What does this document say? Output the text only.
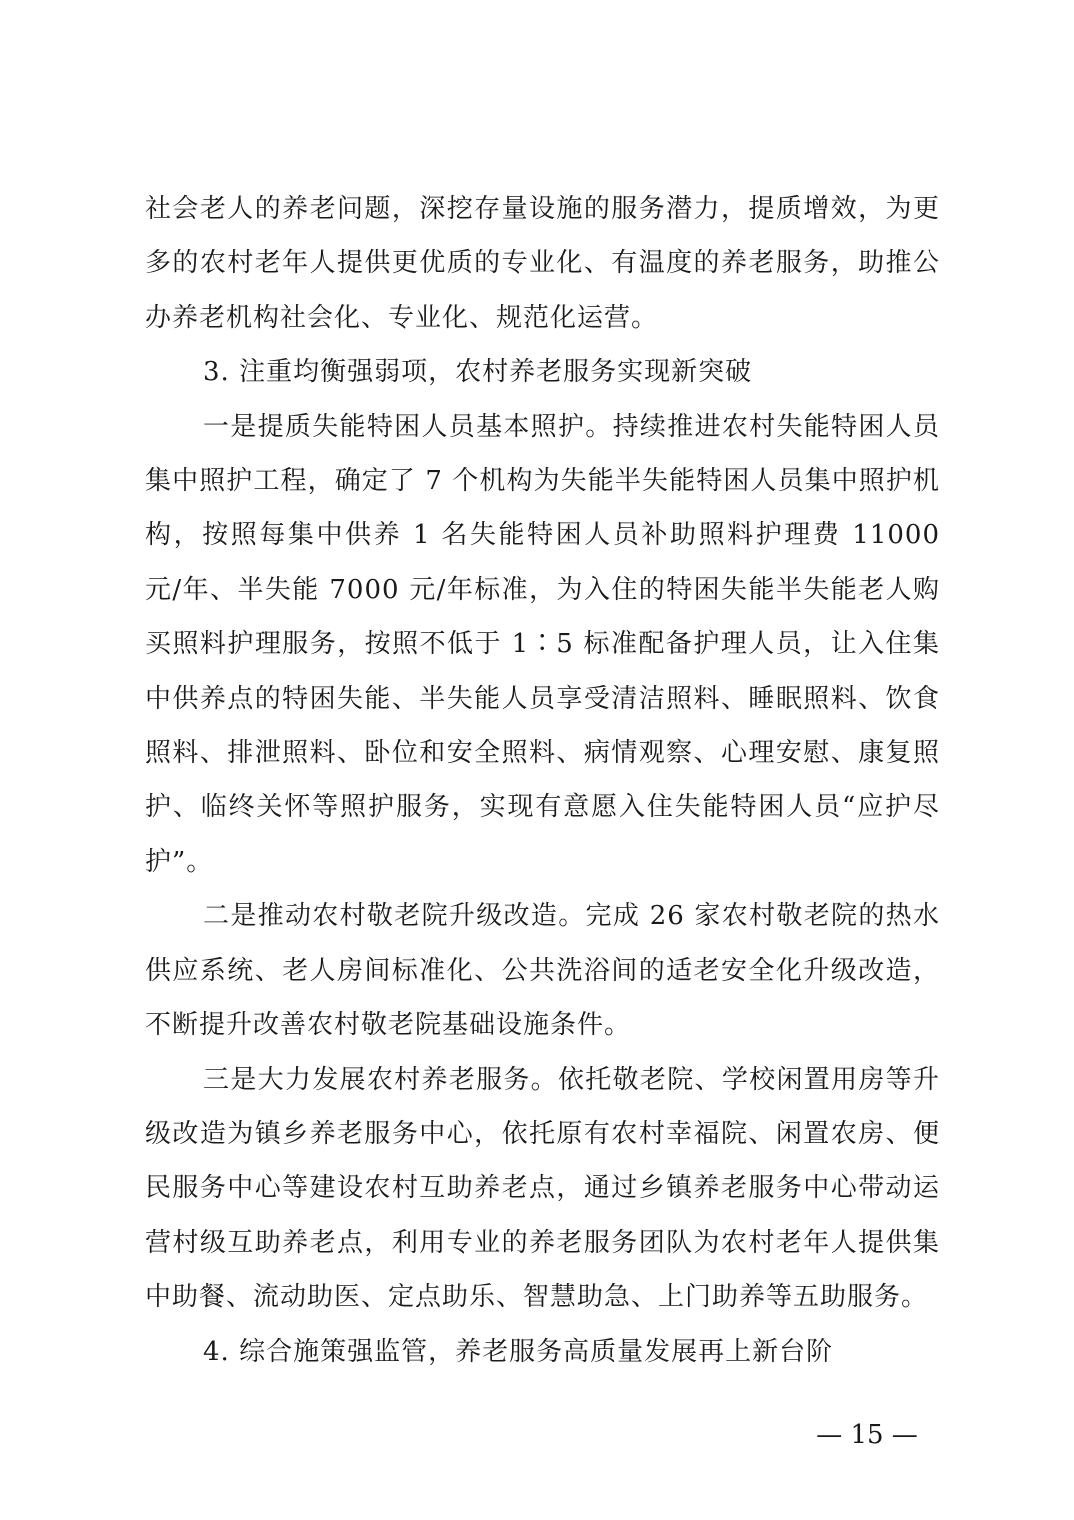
社会老人的养老问题，深挖存量设施的服务潜力，提质增效，为更多的农村老年人提供更优质的专业化、有温度的养老服务，助推公办养老机构社会化、专业化、规范化运营。

3. 注重均衡强弱项，农村养老服务实现新突破

一是提质失能特困人员基本照护。持续推进农村失能特困人员集中照护工程，确定了 7 个机构为失能半失能特困人员集中照护机构，按照每集中供养 1 名失能特困人员补助照料护理费 11000 元/年、半失能 7000 元/年标准，为入住的特困失能半失能老人购买照料护理服务，按照不低于 1∶5 标准配备护理人员，让入住集中供养点的特困失能、半失能人员享受清洁照料、睡眠照料、饮食照料、排泄照料、卧位和安全照料、病情观察、心理安慰、康复照护、临终关怀等照护服务，实现有意愿入住失能特困人员“应护尽护”。

二是推动农村敬老院升级改造。完成 26 家农村敬老院的热水供应系统、老人房间标准化、公共洗浴间的适老安全化升级改造，不断提升改善农村敬老院基础设施条件。

三是大力发展农村养老服务。依托敬老院、学校闲置用房等升级改造为镇乡养老服务中心，依托原有农村幸福院、闲置农房、便民服务中心等建设农村互助养老点，通过乡镇养老服务中心带动运营村级互助养老点，利用专业的养老服务团队为农村老年人提供集中助餐、流动助医、定点助乐、智慧助急、上门助养等五助服务。

4. 综合施策强监管，养老服务高质量发展再上新台阶

— 15 —
